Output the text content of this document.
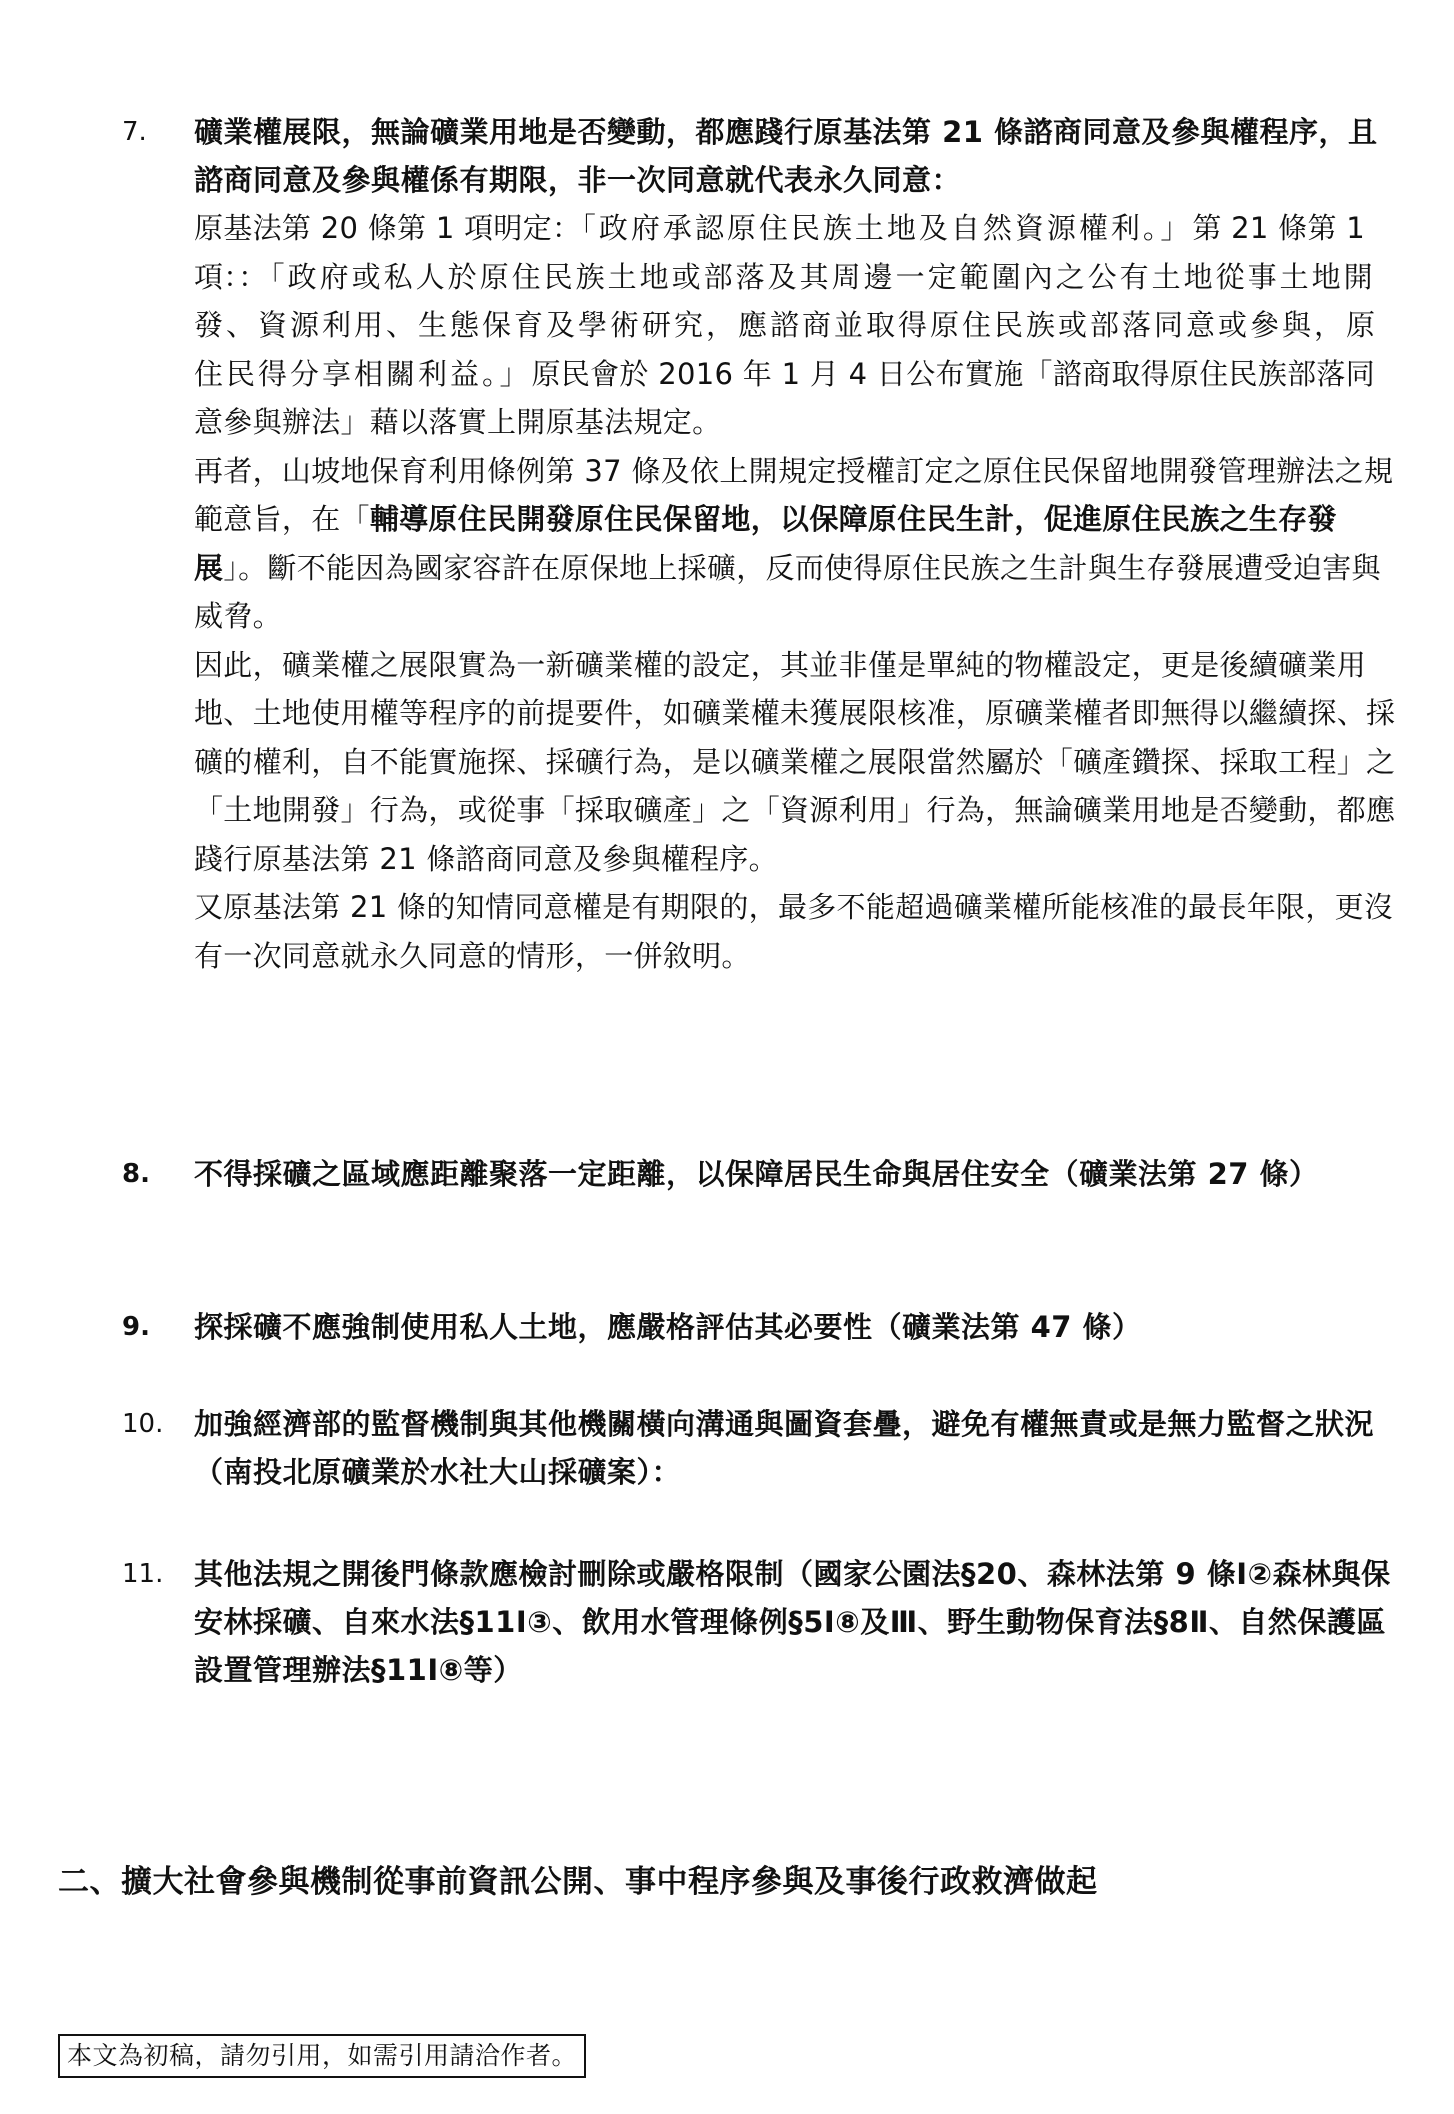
7.	礦業權展限，無論礦業用地是否變動，都應踐行原基法第 21 條諮商同意及參與權程序，且諮商同意及參與權係有期限，非一次同意就代表永久同意：
原基法第 20 條第 1 項明定：「政府承認原住民族土地及自然資源權利。」第 21 條第 1 項：：「政府或私人於原住民族土地或部落及其周邊一定範圍內之公有土地從事土地開發、資源利用、生態保育及學術研究，應諮商並取得原住民族或部落同意或參與，原住民得分享相關利益。」原民會於 2016 年 1 月 4 日公布實施「諮商取得原住民族部落同意參與辦法」藉以落實上開原基法規定。
再者，山坡地保育利用條例第 37 條及依上開規定授權訂定之原住民保留地開發管理辦法之規範意旨，在「輔導原住民開發原住民保留地，以保障原住民生計，促進原住民族之生存發展」。斷不能因為國家容許在原保地上採礦，反而使得原住民族之生計與生存發展遭受迫害與威脅。
因此，礦業權之展限實為一新礦業權的設定，其並非僅是單純的物權設定，更是後續礦業用地、土地使用權等程序的前提要件，如礦業權未獲展限核准，原礦業權者即無得以繼續探、採礦的權利，自不能實施探、採礦行為，是以礦業權之展限當然屬於「礦產鑽探、採取工程」之「土地開發」行為，或從事「採取礦產」之「資源利用」行為，無論礦業用地是否變動，都應踐行原基法第 21 條諮商同意及參與權程序。
又原基法第 21 條的知情同意權是有期限的，最多不能超過礦業權所能核准的最長年限，更沒有一次同意就永久同意的情形，一併敘明。
8.	不得採礦之區域應距離聚落一定距離，以保障居民生命與居住安全（礦業法第 27 條）
9.	探採礦不應強制使用私人土地，應嚴格評估其必要性（礦業法第 47 條）
10.	加強經濟部的監督機制與其他機關橫向溝通與圖資套疊，避免有權無責或是無力監督之狀況（南投北原礦業於水社大山採礦案）：
11.	其他法規之開後門條款應檢討刪除或嚴格限制（國家公園法§20、森林法第 9 條Ⅰ②森林與保安林採礦、自來水法§11Ⅰ③、飲用水管理條例§5Ⅰ⑧及Ⅲ、野生動物保育法§8Ⅱ、自然保護區設置管理辦法§11Ⅰ⑧等）
二、擴大社會參與機制從事前資訊公開、事中程序參與及事後行政救濟做起
本文為初稿，請勿引用，如需引用請洽作者。
